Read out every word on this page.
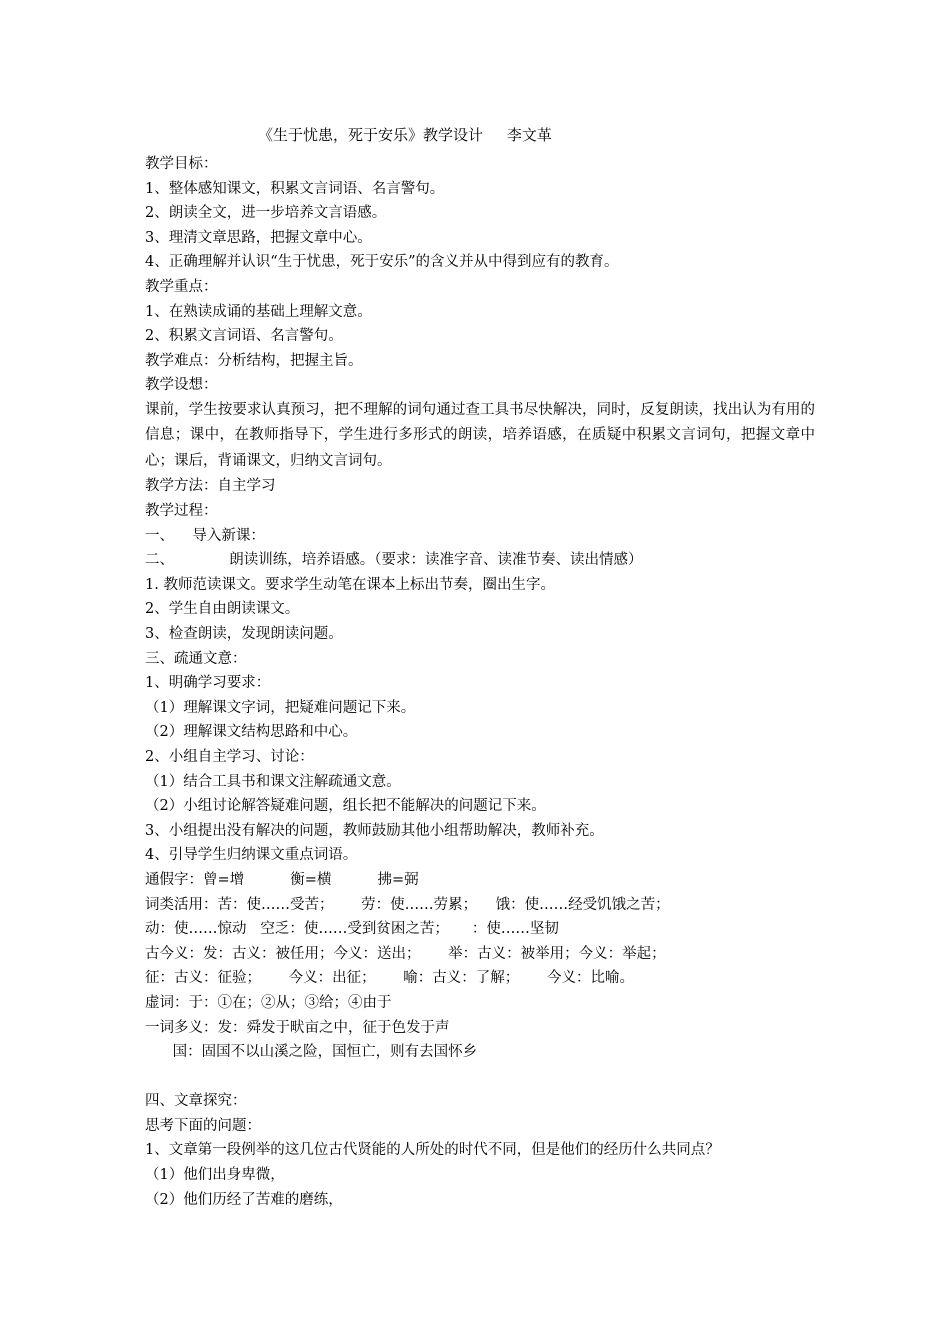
《生于忧患，死于安乐》教学设计     李文革

教学目标：

1、整体感知课文，积累文言词语、名言警句。

2、朗读全文，进一步培养文言语感。

3、理清文章思路，把握文章中心。

4、正确理解并认识“生于忧患，死于安乐”的含义并从中得到应有的教育。

教学重点：

1、在熟读成诵的基础上理解文意。

2、积累文言词语、名言警句。

教学难点：分析结构，把握主旨。

教学设想：

课前，学生按要求认真预习，把不理解的词句通过查工具书尽快解决，同时，反复朗读，找出认为有用的信息；课中，在教师指导下，学生进行多形式的朗读，培养语感，在质疑中积累文言词句，把握文章中心；课后，背诵课文，归纳文言词句。

教学方法：自主学习

教学过程：

一、    导入新课：

二、            朗读训练，培养语感。（要求：读准字音、读准节奏、读出情感）

1. 教师范读课文。要求学生动笔在课本上标出节奏，圈出生字。

2、学生自由朗读课文。

3、检查朗读，发现朗读问题。

三、疏通文意：

1、明确学习要求：

（1）理解课文字词，把疑难问题记下来。

（2）理解课文结构思路和中心。

2、小组自主学习、讨论：

（1）结合工具书和课文注解疏通文意。

（2）小组讨论解答疑难问题，组长把不能解决的问题记下来。

3、小组提出没有解决的问题，教师鼓励其他小组帮助解决，教师补充。

4、引导学生归纳课文重点词语。

通假字：曾=增          衡=横          拂=弼

词类活用：苦：使……受苦；      劳：使……劳累；    饿：使……经受饥饿之苦；

动：使……惊动   空乏：使……受到贫困之苦；     ：使……坚韧

古今义：发：古义：被任用；今义：送出；      举：古义：被举用；今义：举起；

征：古义：征验；      今义：出征；      喻：古义：了解；      今义：比喻。

虚词：于：①在；②从；③给；④由于

一词多义：发：舜发于畎亩之中，征于色发于声

国：固国不以山溪之险，国恒亡，则有去国怀乡

四、文章探究：

思考下面的问题：

1、文章第一段例举的这几位古代贤能的人所处的时代不同，但是他们的经历什么共同点？

（1）他们出身卑微，

（2）他们历经了苦难的磨练，
